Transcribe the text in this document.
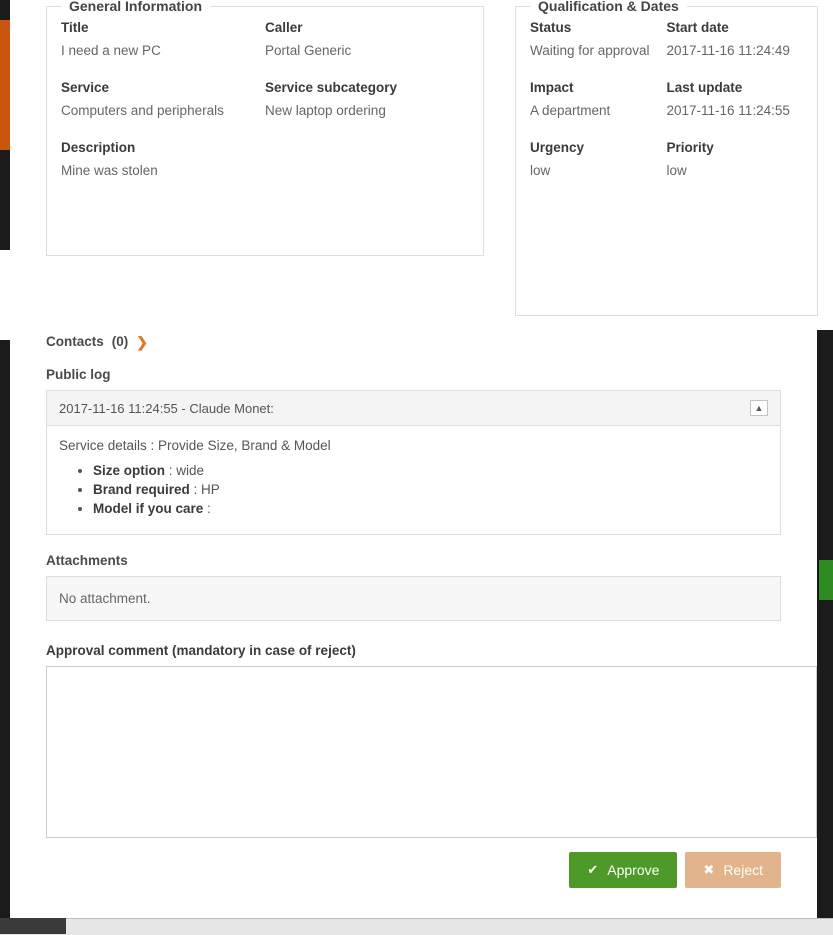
General Information
Title
I need a new PC
Caller
Portal Generic
Service
Computers and peripherals
Service subcategory
New laptop ordering
Description
Mine was stolen
Qualification & Dates
Status
Waiting for approval
Start date
2017-11-16 11:24:49
Impact
A department
Last update
2017-11-16 11:24:55
Urgency
low
Priority
low
Contacts (0) ❯
Public log
2017-11-16 11:24:55 - Claude Monet:	▲

Service details : Provide Size, Brand & Model

• Size option : wide
• Brand required : HP
• Model if you care :
Attachments
No attachment.
Approval comment (mandatory in case of reject)
✔ Approve	✖ Reject
